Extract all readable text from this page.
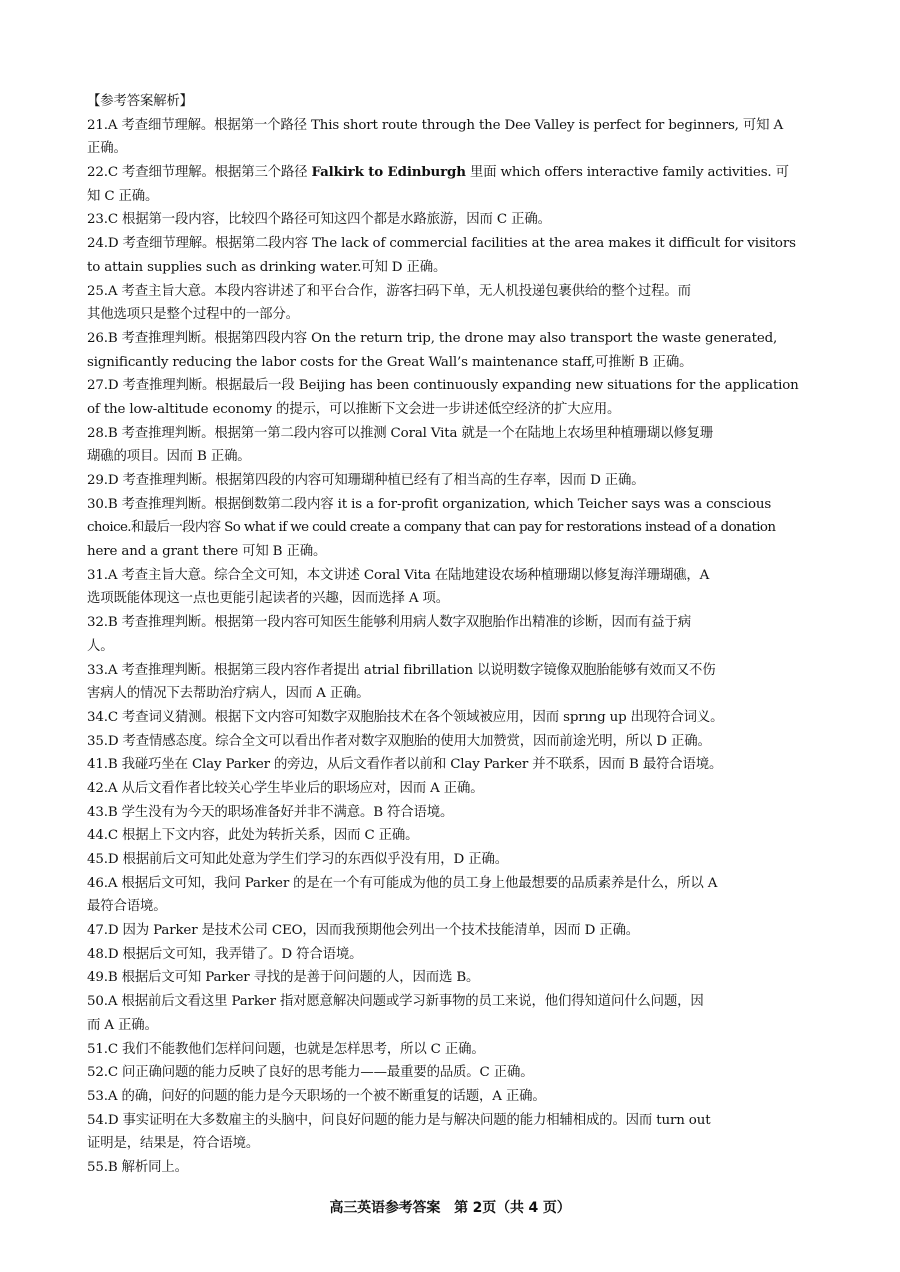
【参考答案解析】
21.A 考查细节理解。根据第一个路径 This short route through the Dee Valley is perfect for beginners, 可知 A
正确。
22.C 考查细节理解。根据第三个路径 Falkirk to Edinburgh 里面 which offers interactive family activities. 可
知 C 正确。
23.C 根据第一段内容，比较四个路径可知这四个都是水路旅游，因而 C 正确。
24.D 考查细节理解。根据第二段内容 The lack of commercial facilities at the area makes it difficult for visitors
to attain supplies such as drinking water.可知 D 正确。
25.A 考查主旨大意。本段内容讲述了和平台合作，游客扫码下单，无人机投递包裹供给的整个过程。而
其他选项只是整个过程中的一部分。
26.B 考查推理判断。根据第四段内容 On the return trip, the drone may also transport the waste generated,
significantly reducing the labor costs for the Great Wall’s maintenance staff,可推断 B 正确。
27.D 考查推理判断。根据最后一段 Beijing has been continuously expanding new situations for the application
of the low-altitude economy 的提示，可以推断下文会进一步讲述低空经济的扩大应用。
28.B 考查推理判断。根据第一第二段内容可以推测 Coral Vita 就是一个在陆地上农场里种植珊瑚以修复珊
瑚礁的项目。因而 B 正确。
29.D 考查推理判断。根据第四段的内容可知珊瑚种植已经有了相当高的生存率，因而 D 正确。
30.B 考查推理判断。根据倒数第二段内容 it is a for-profit organization, which Teicher says was a conscious
choice.和最后一段内容 So what if we could create a company that can pay for restorations instead of a donation
here and a grant there 可知 B 正确。
31.A 考查主旨大意。综合全文可知，本文讲述 Coral Vita 在陆地建设农场种植珊瑚以修复海洋珊瑚礁，A
选项既能体现这一点也更能引起读者的兴趣，因而选择 A 项。
32.B 考查推理判断。根据第一段内容可知医生能够利用病人数字双胞胎作出精准的诊断，因而有益于病
人。
33.A 考查推理判断。根据第三段内容作者提出 atrial fibrillation 以说明数字镜像双胞胎能够有效而又不伤
害病人的情况下去帮助治疗病人，因而 A 正确。
34.C 考查词义猜测。根据下文内容可知数字双胞胎技术在各个领域被应用，因而 sprıng up 出现符合词义。
35.D 考查情感态度。综合全文可以看出作者对数字双胞胎的使用大加赞赏，因而前途光明，所以 D 正确。
41.B 我碰巧坐在 Clay Parker 的旁边，从后文看作者以前和 Clay Parker 并不联系，因而 B 最符合语境。
42.A 从后文看作者比较关心学生毕业后的职场应对，因而 A 正确。
43.B 学生没有为今天的职场准备好并非不满意。B 符合语境。
44.C 根据上下文内容，此处为转折关系，因而 C 正确。
45.D 根据前后文可知此处意为学生们学习的东西似乎没有用，D 正确。
46.A 根据后文可知，我问 Parker 的是在一个有可能成为他的员工身上他最想要的品质素养是什么，所以 A
最符合语境。
47.D 因为 Parker 是技术公司 CEO，因而我预期他会列出一个技术技能清单，因而 D 正确。
48.D 根据后文可知，我弄错了。D 符合语境。
49.B 根据后文可知 Parker 寻找的是善于问问题的人，因而选 B。
50.A 根据前后文看这里 Parker 指对愿意解决问题或学习新事物的员工来说，他们得知道问什么问题，因
而 A 正确。
51.C 我们不能教他们怎样问问题，也就是怎样思考，所以 C 正确。
52.C 问正确问题的能力反映了良好的思考能力——最重要的品质。C 正确。
53.A 的确，问好的问题的能力是今天职场的一个被不断重复的话题，A 正确。
54.D 事实证明在大多数雇主的头脑中，问良好问题的能力是与解决问题的能力相辅相成的。因而 turn out
证明是，结果是，符合语境。
55.B 解析同上。
高三英语参考答案　第 2页（共 4 页）
